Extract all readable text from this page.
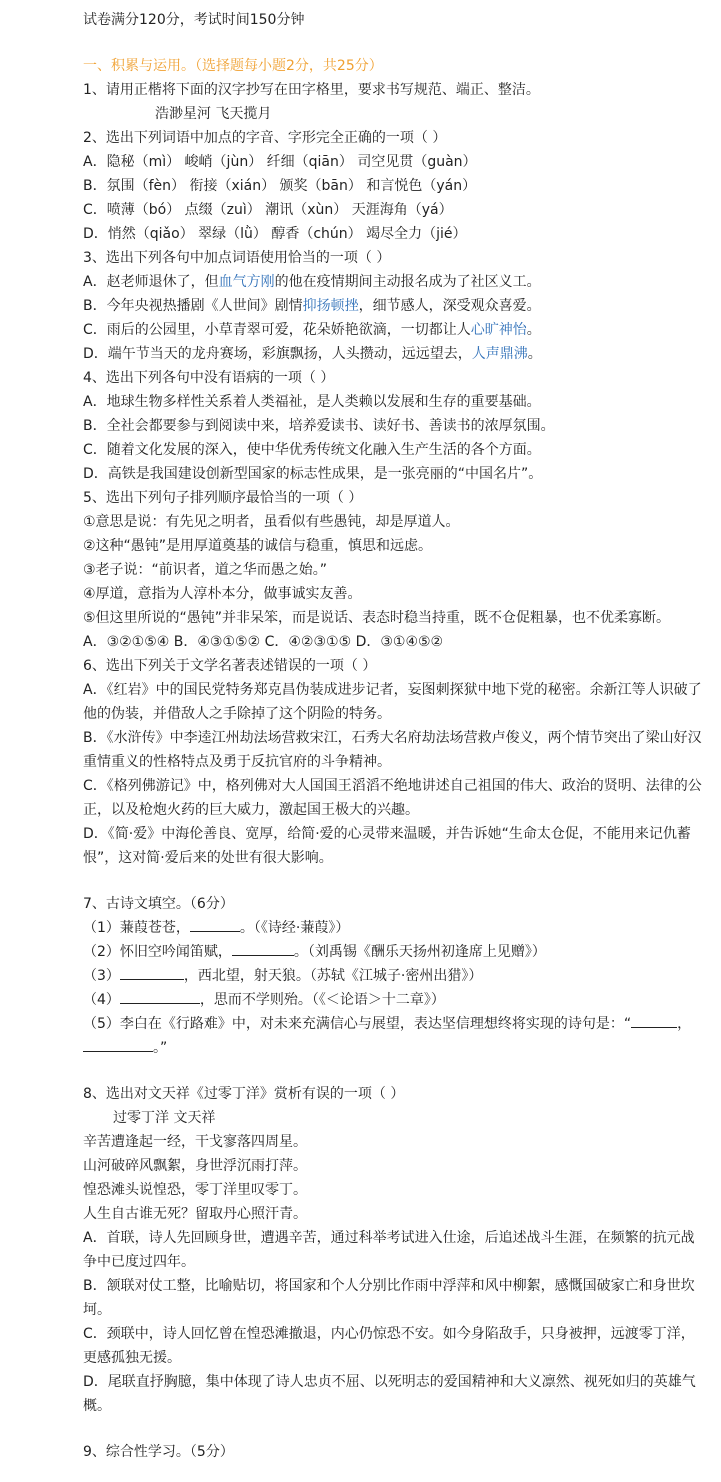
试卷满分120分，考试时间150分钟
一、积累与运用。（选择题每小题2分，共25分）
1、请用正楷将下面的汉字抄写在田字格里，要求书写规范、端正、整洁。
浩渺星河 飞天揽月
2、选出下列词语中加点的字音、字形完全正确的一项（ ）
A．隐秘（mì） 峻峭（jùn） 纤细（qiān） 司空见贯（guàn）
B．氛围（fèn） 衔接（xián） 颁奖（bān） 和言悦色（yán）
C．喷薄（bó） 点缀（zuì） 潮讯（xùn） 天涯海角（yá）
D．悄然（qiǎo） 翠绿（lǜ） 醇香（chún） 竭尽全力（jié）
3、选出下列各句中加点词语使用恰当的一项（ ）
A．赵老师退休了，但血气方刚的他在疫情期间主动报名成为了社区义工。
B．今年央视热播剧《人世间》剧情抑扬顿挫，细节感人，深受观众喜爱。
C．雨后的公园里，小草青翠可爱，花朵娇艳欲滴，一切都让人心旷神怡。
D．端午节当天的龙舟赛场，彩旗飘扬，人头攒动，远远望去，人声鼎沸。
4、选出下列各句中没有语病的一项（ ）
A．地球生物多样性关系着人类福祉，是人类赖以发展和生存的重要基础。
B．全社会都要参与到阅读中来，培养爱读书、读好书、善读书的浓厚氛围。
C．随着文化发展的深入，使中华优秀传统文化融入生产生活的各个方面。
D．高铁是我国建设创新型国家的标志性成果，是一张亮丽的“中国名片”。
5、选出下列句子排列顺序最恰当的一项（ ）
①意思是说：有先见之明者，虽看似有些愚钝，却是厚道人。
②这种“愚钝”是用厚道奠基的诚信与稳重，慎思和远虑。
③老子说：“前识者，道之华而愚之始。”
④厚道，意指为人淳朴本分，做事诚实友善。
⑤但这里所说的“愚钝”并非呆笨，而是说话、表态时稳当持重，既不仓促粗暴，也不优柔寡断。
A．③②①⑤④ B．④③①⑤② C．④②③①⑤ D．③①④⑤②
6、选出下列关于文学名著表述错误的一项（ ）
A．《红岩》中的国民党特务郑克昌伪装成进步记者，妄图刺探狱中地下党的秘密。余新江等人识破了他的伪装，并借敌人之手除掉了这个阴险的特务。
B．《水浒传》中李逵江州劫法场营救宋江，石秀大名府劫法场营救卢俊义，两个情节突出了梁山好汉重情重义的性格特点及勇于反抗官府的斗争精神。
C．《格列佛游记》中，格列佛对大人国国王滔滔不绝地讲述自己祖国的伟大、政治的贤明、法律的公正，以及枪炮火药的巨大威力，激起国王极大的兴趣。
D．《简·爱》中海伦善良、宽厚，给简·爱的心灵带来温暖，并告诉她“生命太仓促，不能用来记仇蓄恨”，这对简·爱后来的处世有很大影响。
7、古诗文填空。（6分）
（1）蒹葭苍苍，	。（《诗经·蒹葭》）
（2）怀旧空吟闻笛赋，	。（刘禹锡《酬乐天扬州初逢席上见赠》）
（3）	，西北望，射天狼。（苏轼《江城子·密州出猎》）
（4）	，思而不学则殆。（《＜论语＞十二章》）
（5）李白在《行路难》中，对未来充满信心与展望，表达坚信理想终将实现的诗句是：“	，。”
8、选出对文天祥《过零丁洋》赏析有误的一项（ ）
过零丁洋 文天祥
辛苦遭逢起一经，干戈寥落四周星。
山河破碎风飘絮，身世浮沉雨打萍。
惶恐滩头说惶恐，零丁洋里叹零丁。
人生自古谁无死？留取丹心照汗青。
A．首联，诗人先回顾身世，遭遇辛苦，通过科举考试进入仕途，后追述战斗生涯，在频繁的抗元战争中已度过四年。
B．颔联对仗工整，比喻贴切，将国家和个人分别比作雨中浮萍和风中柳絮，感慨国破家亡和身世坎坷。
C．颈联中，诗人回忆曾在惶恐滩撤退，内心仍惊恐不安。如今身陷敌手，只身被押，远渡零丁洋，更感孤独无援。
D．尾联直抒胸臆，集中体现了诗人忠贞不屈、以死明志的爱国精神和大义凛然、视死如归的英雄气概。
9、综合性学习。（5分）
